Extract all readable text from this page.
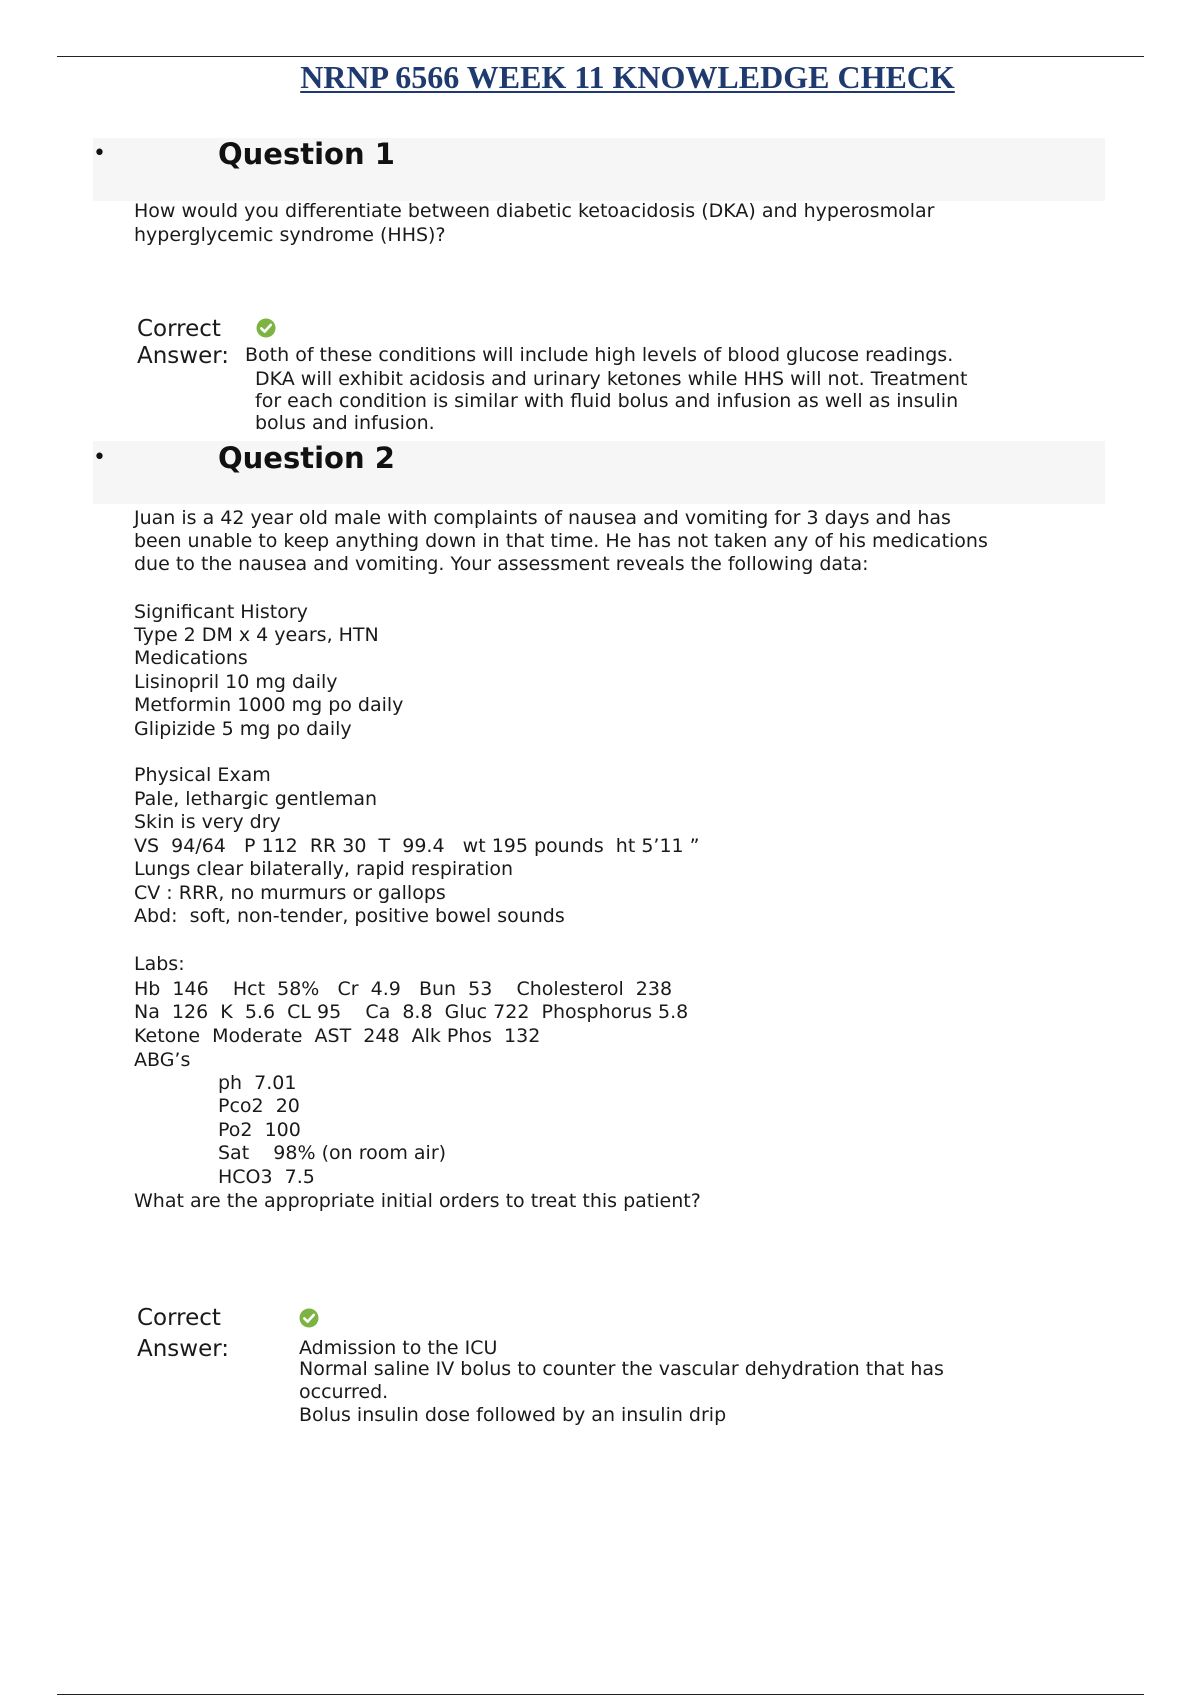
NRNP 6566 WEEK 11 KNOWLEDGE CHECK
•	Question 1
How would you differentiate between diabetic ketoacidosis (DKA) and hyperosmolar
hyperglycemic syndrome (HHS)?
Correct
Answer: Both of these conditions will include high levels of blood glucose readings.
DKA will exhibit acidosis and urinary ketones while HHS will not. Treatment
for each condition is similar with fluid bolus and infusion as well as insulin
bolus and infusion.
•	Question 2
Juan is a 42 year old male with complaints of nausea and vomiting for 3 days and has
been unable to keep anything down in that time. He has not taken any of his medications
due to the nausea and vomiting. Your assessment reveals the following data:
Significant History
Type 2 DM x 4 years, HTN
Medications
Lisinopril 10 mg daily
Metformin 1000 mg po daily
Glipizide 5 mg po daily
Physical Exam
Pale, lethargic gentleman
Skin is very dry
VS  94/64   P 112  RR 30  T  99.4   wt 195 pounds  ht 5’11 ”
Lungs clear bilaterally, rapid respiration
CV : RRR, no murmurs or gallops
Abd:  soft, non-tender, positive bowel sounds
Labs:
Hb  146    Hct  58%   Cr  4.9   Bun  53    Cholesterol  238
Na  126  K  5.6  CL 95    Ca  8.8  Gluc 722  Phosphorus 5.8
Ketone  Moderate  AST  248  Alk Phos  132
ABG’s
ph  7.01
Pco2  20
Po2  100
Sat    98% (on room air)
HCO3  7.5
What are the appropriate initial orders to treat this patient?
Correct
Answer:	Admission to the ICU
Normal saline IV bolus to counter the vascular dehydration that has
occurred.
Bolus insulin dose followed by an insulin drip
